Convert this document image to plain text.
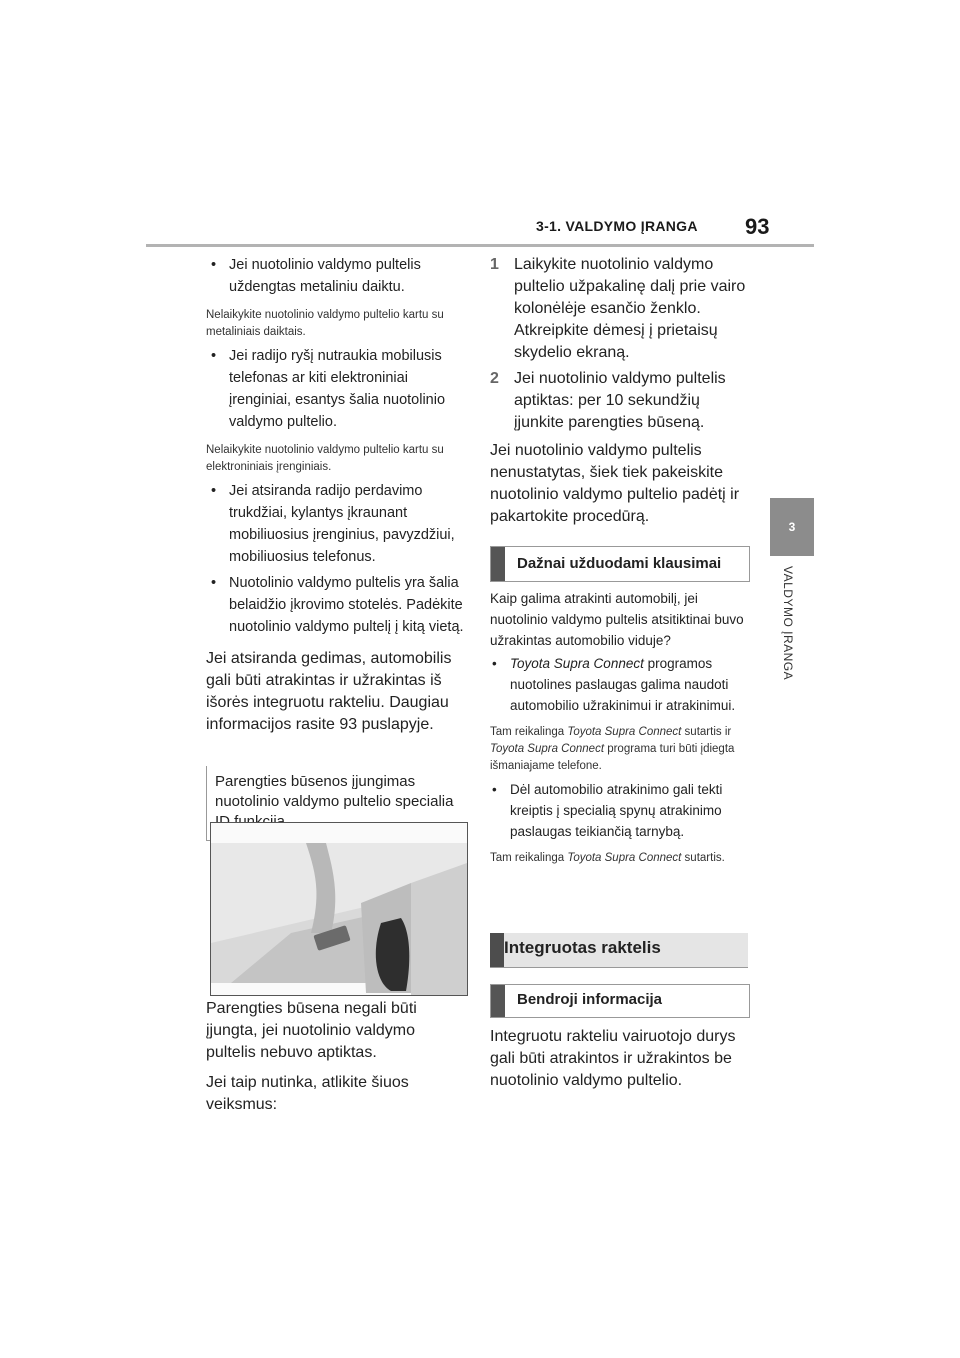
3-1. VALDYMO ĮRANGA 93
3
VALDYMO ĮRANGA

• Jei nuotolinio valdymo pultelis uždengtas metaliniu daiktu.

Nelaikykite nuotolinio valdymo pultelio kartu su metaliniais daiktais.

• Jei radijo ryšį nutraukia mobilusis telefonas ar kiti elektroniniai įrenginiai, esantys šalia nuotolinio valdymo pultelio.

Nelaikykite nuotolinio valdymo pultelio kartu su elektroniniais įrenginiais.

• Jei atsiranda radijo perdavimo trukdžiai, kylantys įkraunant mobiliuosius įrenginius, pavyzdžiui, mobiliuosius telefonus.

• Nuotolinio valdymo pultelis yra šalia belaidžio įkrovimo stotelės. Padėkite nuotolinio valdymo pultelį į kitą vietą.

Jei atsiranda gedimas, automobilis gali būti atrakintas ir užrakintas iš išorės integruotu rakteliu. Daugiau informacijos rasite 93 puslapyje.

Parengties būsenos įjungimas nuotolinio valdymo pultelio specialia

Parengties būsena negali būti įjungta, jei nuotolinio valdymo pultelis nebuvo aptiktas.

Jei taip nutinka, atlikite šiuos veiksmus:

1 Laikykite nuotolinio valdymo pultelio užpakalinę dalį prie vairo kolonėlėje esančio ženklo. Atkreipkite dėmesį į prietaisų skydelio ekraną.

2 Jei nuotolinio valdymo pultelis aptiktas: per 10 sekundžių įjunkite parengties būseną.

Jei nuotolinio valdymo pultelis nenustatytas, šiek tiek pakeiskite nuotolinio valdymo pultelio padėtį ir pakartokite procedūrą.

Dažnai užduodami klausimai

Kaip galima atrakinti automobilį, jei nuotolinio valdymo pultelis atsitiktinai buvo užrakintas automobilio viduje?

• Toyota Supra Connect programos nuotolines paslaugas galima naudoti automobilio užrakinimui ir atrakinimui.

Tam reikalinga Toyota Supra Connect sutartis ir Toyota Supra Connect programa turi būti įdiegta išmaniajame telefone.

• Dėl automobilio atrakinimo gali tekti kreiptis į specialią spynų atrakinimo paslaugas teikiančią tarnybą.

Tam reikalinga Toyota Supra Connect sutartis.

Integruotas raktelis
Bendroji informacija

Integruotu rakteliu vairuotojo durys gali būti atrakintos ir užrakintos be nuotolinio valdymo pultelio.
